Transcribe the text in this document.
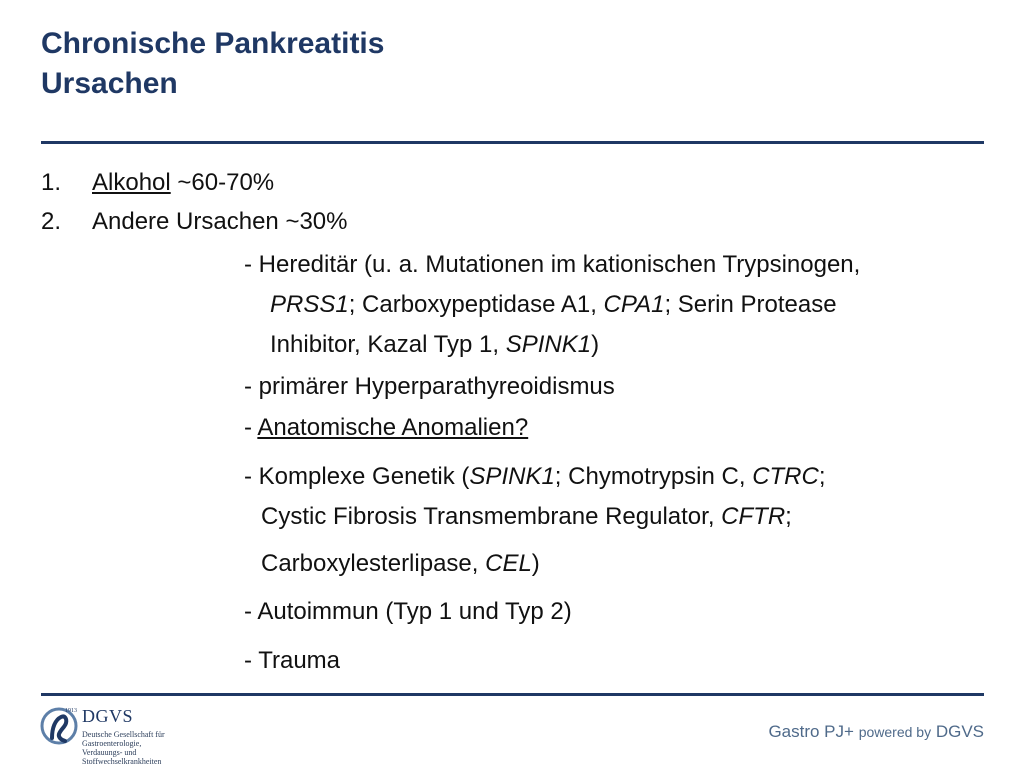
Chronische Pankreatitis
Ursachen
1.	Alkohol ~60-70%
2.	Andere Ursachen ~30%
- Hereditär (u. a. Mutationen im kationischen Trypsinogen,
PRSS1; Carboxypeptidase A1, CPA1; Serin Protease
Inhibitor, Kazal Typ 1, SPINK1)
- primärer Hyperparathyreoidismus
- Anatomische Anomalien?
- Komplexe Genetik (SPINK1; Chymotrypsin C, CTRC;
Cystic Fibrosis Transmembrane Regulator, CFTR;
Carboxylesterlipase, CEL)
- Autoimmun (Typ 1 und Typ 2)
- Trauma
1913 DGVS
Deutsche Gesellschaft für
Gastroenterologie,
Verdauungs- und
Stoffwechselkrankheiten
Gastro PJ+ powered by DGVS
